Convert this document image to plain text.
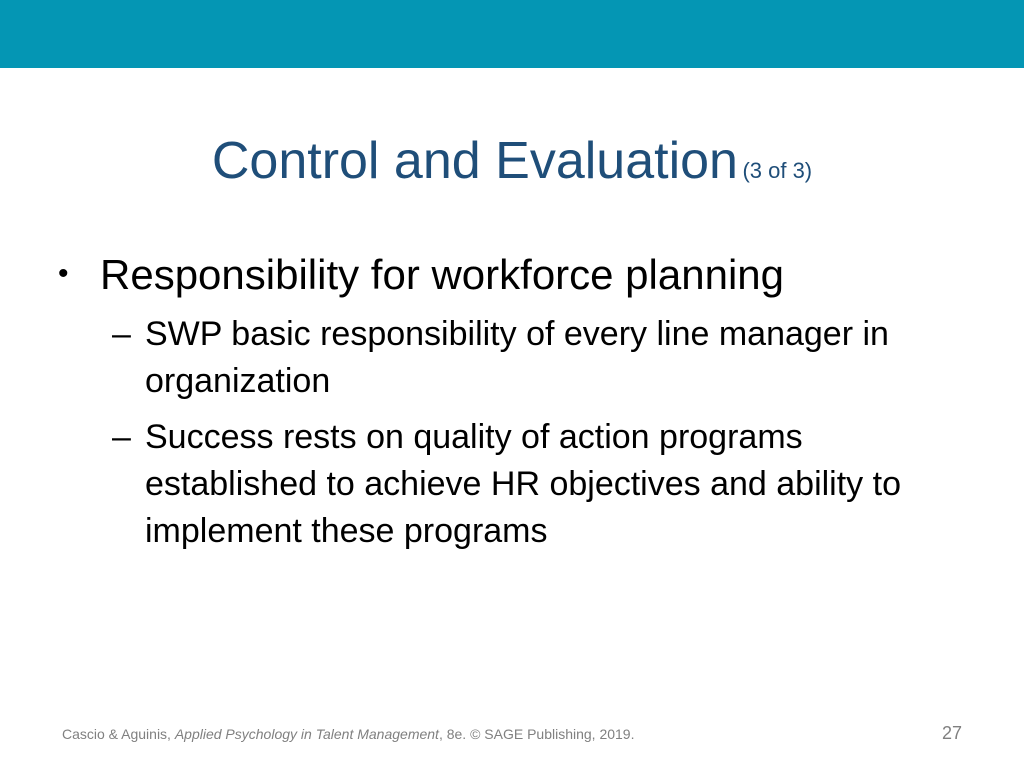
Control and Evaluation (3 of 3)
• Responsibility for workforce planning
– SWP basic responsibility of every line manager in organization
– Success rests on quality of action programs established to achieve HR objectives and ability to implement these programs
Cascio & Aguinis, Applied Psychology in Talent Management, 8e. © SAGE Publishing, 2019.	27
